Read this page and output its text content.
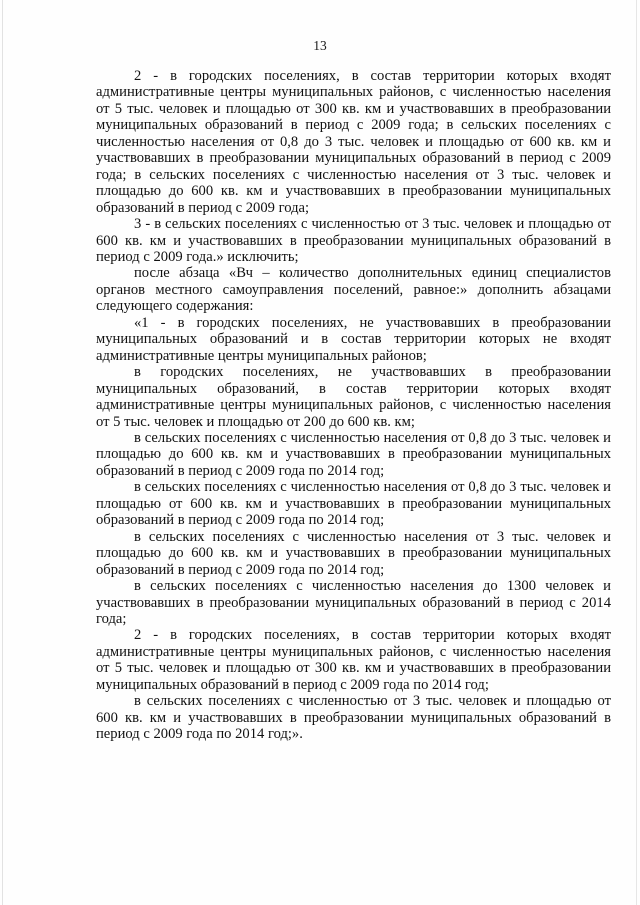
13

2 - в городских поселениях, в состав территории которых входят административные центры муниципальных районов, с численностью населения от 5 тыс. человек и площадью от 300 кв. км и участвовавших в преобразовании муниципальных образований в период с 2009 года; в сельских поселениях с численностью населения от 0,8 до 3 тыс. человек и площадью от 600 кв. км и участвовавших в преобразовании муниципальных образований в период с 2009 года; в сельских поселениях с численностью населения от 3 тыс. человек и площадью до 600 кв. км и участвовавших в преобразовании муниципальных образований в период с 2009 года;

3 - в сельских поселениях с численностью от 3 тыс. человек и площадью от 600 кв. км и участвовавших в преобразовании муниципальных образований в период с 2009 года.» исключить;

после абзаца «Вч – количество дополнительных единиц специалистов органов местного самоуправления поселений, равное:» дополнить абзацами следующего содержания:

«1 - в городских поселениях, не участвовавших в преобразовании муниципальных образований и в состав территории которых не входят административные центры муниципальных районов;

в городских поселениях, не участвовавших в преобразовании муниципальных образований, в состав территории которых входят административные центры муниципальных районов, с численностью населения от 5 тыс. человек и площадью от 200 до 600 кв. км;

в сельских поселениях с численностью населения от 0,8 до 3 тыс. человек и площадью до 600 кв. км и участвовавших в преобразовании муниципальных образований в период с 2009 года по 2014 год;

в сельских поселениях с численностью населения от 0,8 до 3 тыс. человек и площадью от 600 кв. км и участвовавших в преобразовании муниципальных образований в период с 2009 года по 2014 год;

в сельских поселениях с численностью населения от 3 тыс. человек и площадью до 600 кв. км и участвовавших в преобразовании муниципальных образований в период с 2009 года по 2014 год;

в сельских поселениях с численностью населения до 1300 человек и участвовавших в преобразовании муниципальных образований в период с 2014 года;

2 - в городских поселениях, в состав территории которых входят административные центры муниципальных районов, с численностью населения от 5 тыс. человек и площадью от 300 кв. км и участвовавших в преобразовании муниципальных образований в период с 2009 года по 2014 год;

в сельских поселениях с численностью от 3 тыс. человек и площадью от 600 кв. км и участвовавших в преобразовании муниципальных образований в период с 2009 года по 2014 год;».
